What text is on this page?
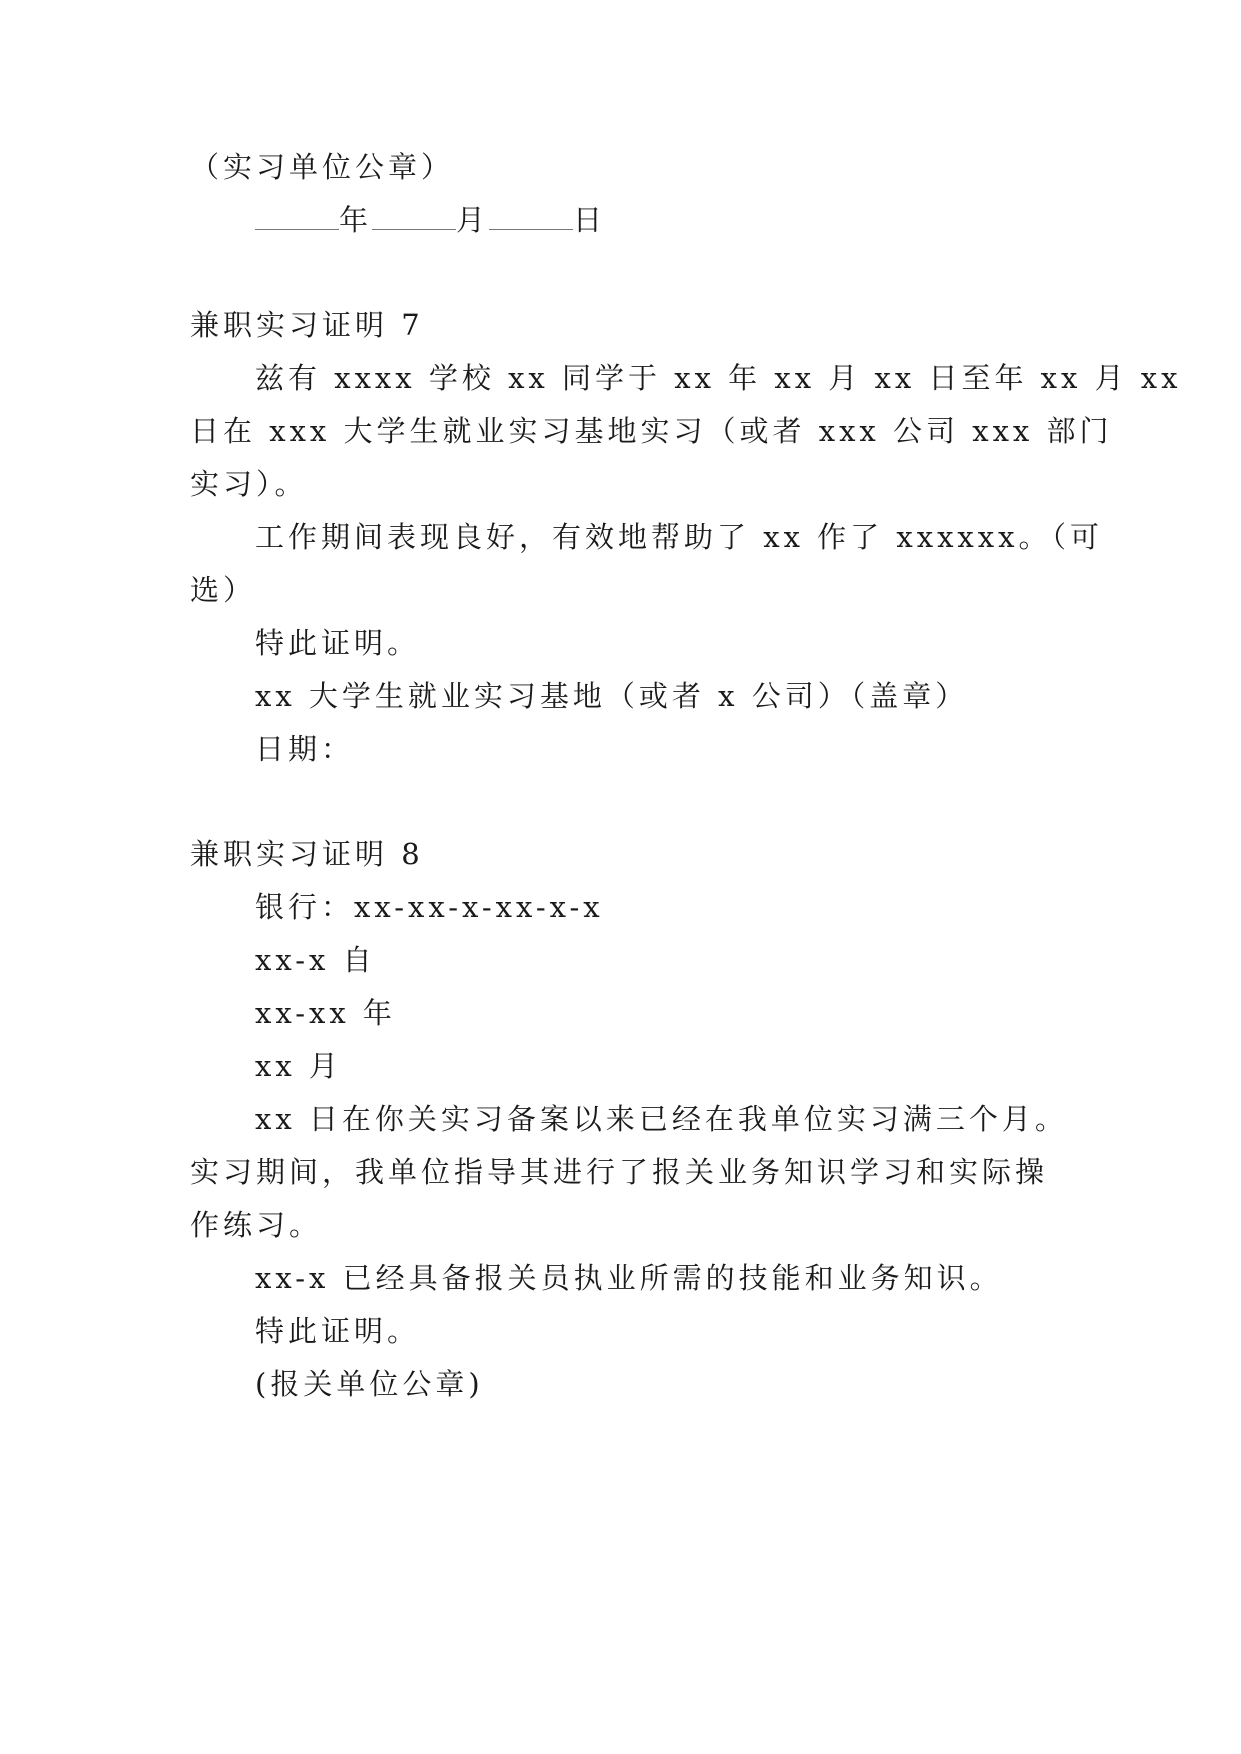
（实习单位公章）
年	月	日
兼职实习证明 7
兹有 xxxx 学校 xx 同学于 xx 年 xx 月 xx 日至年 xx 月 xx
日在 xxx 大学生就业实习基地实习（或者 xxx 公司 xxx 部门
实习）。
工作期间表现良好，有效地帮助了 xx 作了 xxxxxx。（可
选）
特此证明。
xx 大学生就业实习基地（或者 x 公司）（盖章）
日期：
兼职实习证明 8
银行：xx-xx-x-xx-x-x
xx-x 自
xx-xx 年
xx 月
xx 日在你关实习备案以来已经在我单位实习满三个月。
实习期间，我单位指导其进行了报关业务知识学习和实际操
作练习。
xx-x 已经具备报关员执业所需的技能和业务知识。
特此证明。
(报关单位公章)
